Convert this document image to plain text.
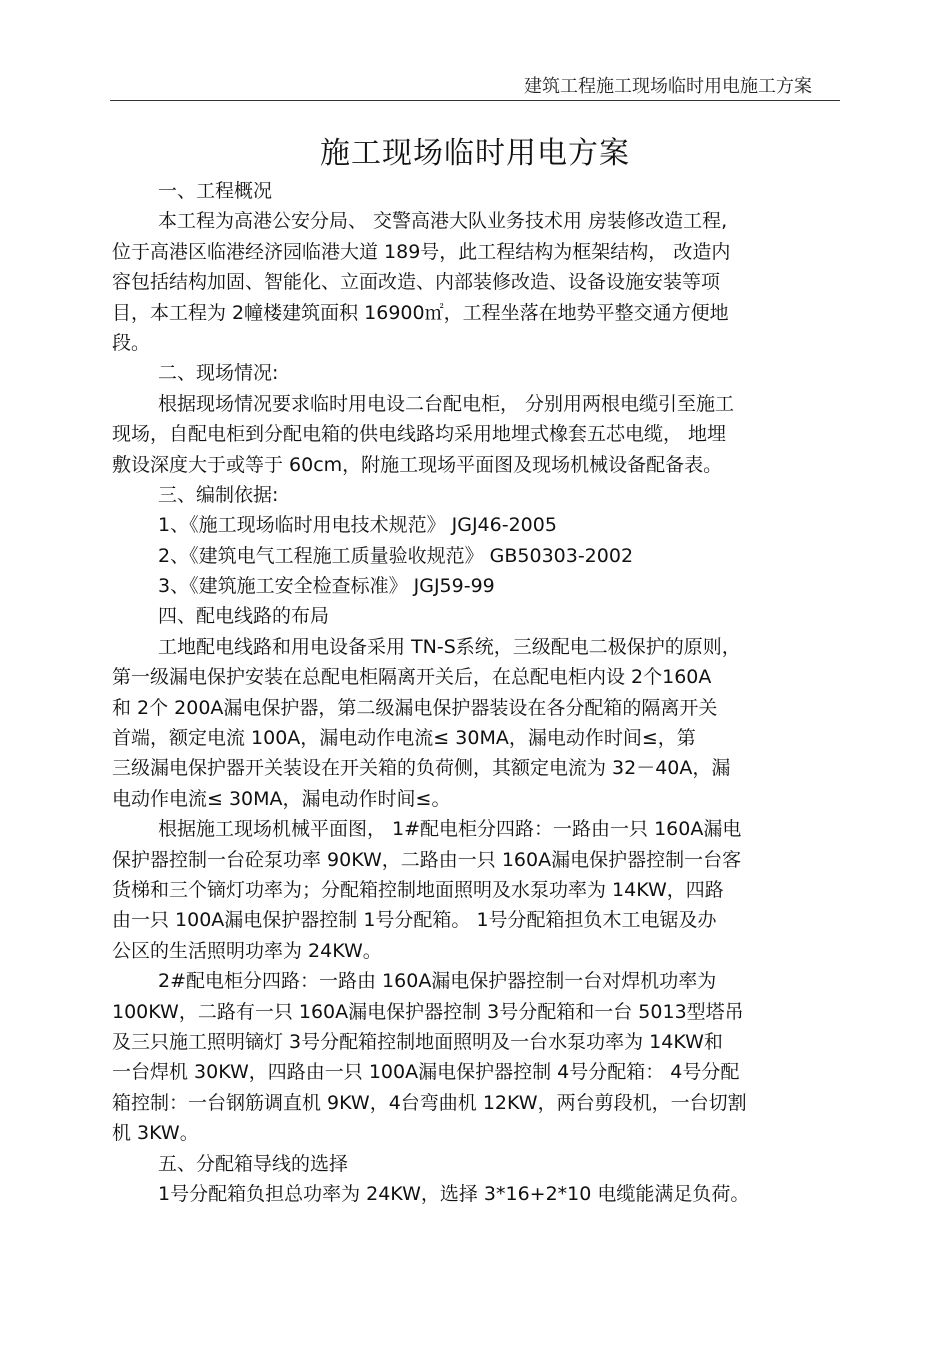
建筑工程施工现场临时用电施工方案
施工现场临时用电方案
一、工程概况
本工程为高港公安分局、 交警高港大队业务技术用 房装修改造工程,
位于高港区临港经济园临港大道 189号，此工程结构为框架结构， 改造内
容包括结构加固、智能化、立面改造、内部装修改造、设备设施安装等项
目，本工程为 2幢楼建筑面积 16900㎡，工程坐落在地势平整交通方便地
段。
二、现场情况:
根据现场情况要求临时用电设二台配电柜， 分别用两根电缆引至施工
现场，自配电柜到分配电箱的供电线路均采用地埋式橡套五芯电缆， 地埋
敷设深度大于或等于 60cm，附施工现场平面图及现场机械设备配备表。
三、编制依据:
1、《施工现场临时用电技术规范》 JGJ46-2005
2、《建筑电气工程施工质量验收规范》 GB50303-2002
3、《建筑施工安全检查标准》 JGJ59-99
四、配电线路的布局
工地配电线路和用电设备采用 TN-S系统，三级配电二极保护的原则，
第一级漏电保护安装在总配电柜隔离开关后，在总配电柜内设 2个160A
和 2个 200A漏电保护器，第二级漏电保护器装设在各分配箱的隔离开关
首端，额定电流 100A，漏电动作电流≤ 30MA，漏电动作时间≤，第
三级漏电保护器开关装设在开关箱的负荷侧，其额定电流为 32－40A，漏
电动作电流≤ 30MA，漏电动作时间≤。
根据施工现场机械平面图， 1#配电柜分四路：一路由一只 160A漏电
保护器控制一台砼泵功率 90KW，二路由一只 160A漏电保护器控制一台客
货梯和三个镝灯功率为；分配箱控制地面照明及水泵功率为 14KW，四路
由一只 100A漏电保护器控制 1号分配箱。 1号分配箱担负木工电锯及办
公区的生活照明功率为 24KW。
2#配电柜分四路：一路由 160A漏电保护器控制一台对焊机功率为
100KW，二路有一只 160A漏电保护器控制 3号分配箱和一台 5013型塔吊
及三只施工照明镝灯 3号分配箱控制地面照明及一台水泵功率为 14KW和
一台焊机 30KW，四路由一只 100A漏电保护器控制 4号分配箱： 4号分配
箱控制：一台钢筋调直机 9KW，4台弯曲机 12KW，两台剪段机，一台切割
机 3KW。
五、分配箱导线的选择
1号分配箱负担总功率为 24KW，选择 3*16+2*10 电缆能满足负荷。
